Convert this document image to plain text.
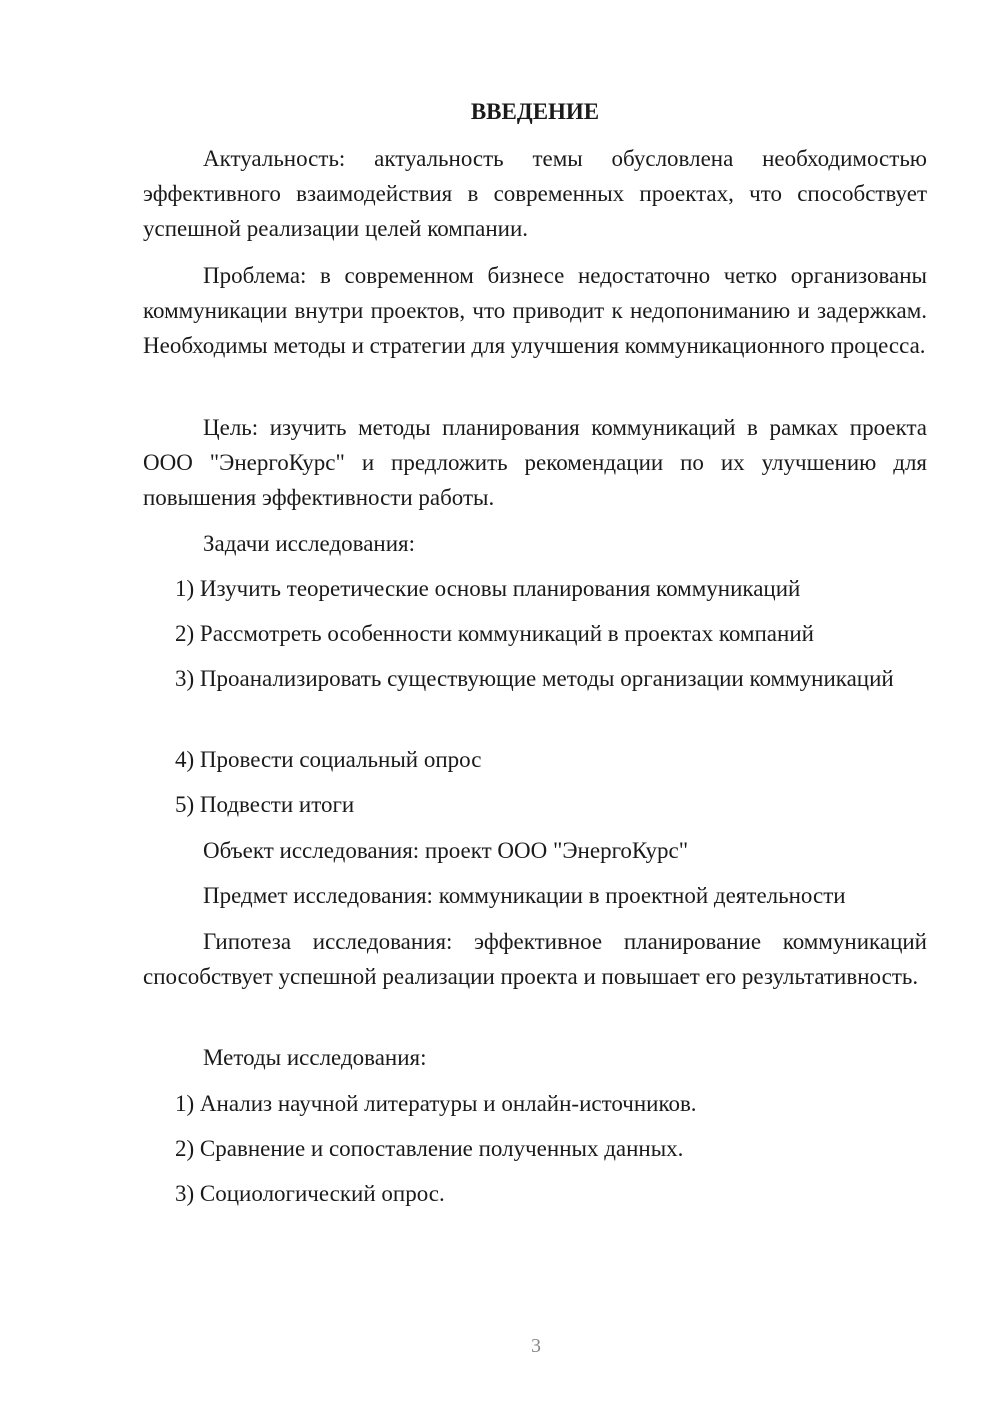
ВВЕДЕНИЕ

Актуальность: актуальность темы обусловлена необходимостью эффективного взаимодействия в современных проектах, что способствует успешной реализации целей компании.

Проблема: в современном бизнесе недостаточно четко организованы коммуникации внутри проектов, что приводит к недопониманию и задержкам. Необходимы методы и стратегии для улучшения коммуникационного процесса.

Цель: изучить методы планирования коммуникаций в рамках проекта ООО "ЭнергоКурс" и предложить рекомендации по их улучшению для повышения эффективности работы.

Задачи исследования:

1) Изучить теоретические основы планирования коммуникаций

2) Рассмотреть особенности коммуникаций в проектах компаний

3) Проанализировать существующие методы организации коммуникаций

4) Провести социальный опрос

5) Подвести итоги

Объект исследования: проект ООО "ЭнергоКурс"

Предмет исследования: коммуникации в проектной деятельности

Гипотеза исследования: эффективное планирование коммуникаций способствует успешной реализации проекта и повышает его результативность.

Методы исследования:

1) Анализ научной литературы и онлайн-источников.

2) Сравнение и сопоставление полученных данных.

3) Социологический опрос.

3
